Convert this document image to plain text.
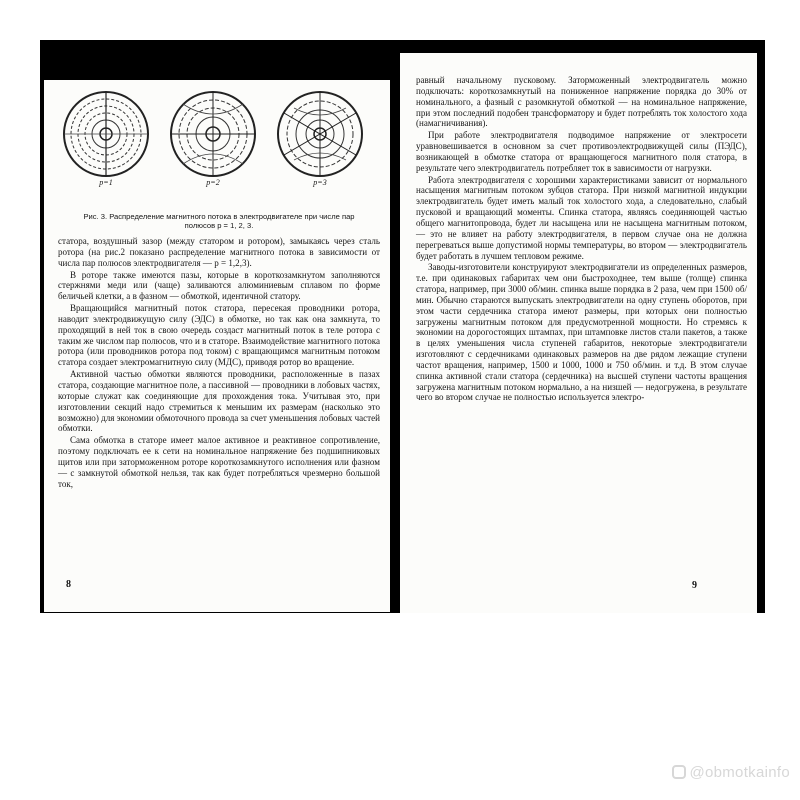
p=1	p=2	p=3
Рис. 3. Распределение магнитного потока в электродвигателе при числе пар полюсов p = 1, 2, 3.

статора, воздушный зазор (между статором и ротором), замыкаясь через сталь ротора (на рис.2 показано распределение магнитного потока в зависимости от числа пар полюсов электродвигателя — p = 1,2,3).

В роторе также имеются пазы, которые в короткозамкнутом заполняются стержнями меди или (чаще) заливаются алюминиевым сплавом по форме беличьей клетки, а в фазном — обмоткой, идентичной статору.

Вращающийся магнитный поток статора, пересекая проводники ротора, наводит электродвижущую силу (ЭДС) в обмотке, но так как она замкнута, то проходящий в ней ток в свою очередь создаст магнитный поток в теле ротора с таким же числом пар полюсов, что и в статоре. Взаимодействие магнитного потока ротора (или проводников ротора под током) с вращающимся магнитным потоком статора создает электромагнитную силу (МДС), приводя ротор во вращение.

Активной частью обмотки являются проводники, расположенные в пазах статора, создающие магнитное поле, а пассивной — проводники в лобовых частях, которые служат как соединяющие для прохождения тока. Учитывая это, при изготовлении секций надо стремиться к меньшим их размерам (насколько это возможно) для экономии обмоточного провода за счет уменьшения лобовых частей обмотки.

Сама обмотка в статоре имеет малое активное и реактивное сопротивление, поэтому подключать ее к сети на номинальное напряжение без подшипниковых щитов или при заторможенном роторе короткозамкнутого исполнения или фазном — с замкнутой обмоткой нельзя, так как будет потребляться чрезмерно большой ток,

8

равный начальному пусковому. Заторможенный электродвигатель можно подключать: короткозамкнутый на пониженное напряжение порядка до 30% от номинального, а фазный с разомкнутой обмоткой — на номинальное напряжение, при этом последний подобен трансформатору и будет потреблять ток холостого хода (намагничивания).

При работе электродвигателя подводимое напряжение от электросети уравновешивается в основном за счет противоэлектродвижущей силы (ПЭДС), возникающей в обмотке статора от вращающегося магнитного поля статора, в результате чего электродвигатель потребляет ток в зависимости от нагрузки.

Работа электродвигателя с хорошими характеристиками зависит от нормального насыщения магнитным потоком зубцов статора. При низкой магнитной индукции электродвигатель будет иметь малый ток холостого хода, а следовательно, слабый пусковой и вращающий моменты. Спинка статора, являясь соединяющей частью общего магнитопровода, будет ли насыщена или не насыщена магнитным потоком, — это не влияет на работу электродвигателя, в первом случае она не должна перегреваться выше допустимой нормы температуры, во втором — электродвигатель будет работать в лучшем тепловом режиме.

Заводы-изготовители конструируют электродвигатели из определенных размеров, т.е. при одинаковых габаритах чем они быстроходнее, тем выше (толще) спинка статора, например, при 3000 об/мин. спинка выше порядка в 2 раза, чем при 1500 об/мин. Обычно стараются выпускать электродвигатели на одну ступень оборотов, при этом части сердечника статора имеют размеры, при которых они полностью загружены магнитным потоком для предусмотренной мощности. Но стремясь к экономии на дорогостоящих штампах, при штамповке листов стали пакетов, а также в целях уменьшения числа ступеней габаритов, некоторые электродвигатели изготовляют с сердечниками одинаковых размеров на две рядом лежащие ступени частот вращения, например, 1500 и 1000, 1000 и 750 об/мин. и т.д. В этом случае спинка активной стали статора (сердечника) на высшей ступени частоты вращения загружена магнитным потоком нормально, а на низшей — недогружена, в результате чего во втором случае не полностью используется электро-

9
@obmotkainfo
